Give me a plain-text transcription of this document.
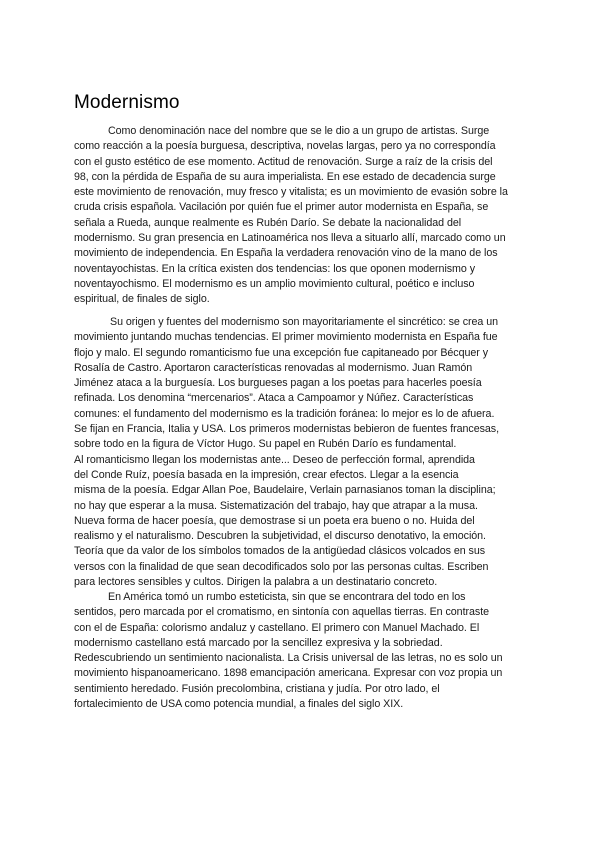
Modernismo
Como denominación nace del nombre que se le dio a un grupo de artistas. Surge
como reacción a la poesía burguesa, descriptiva, novelas largas, pero ya no correspondía
con el gusto estético de ese momento. Actitud de renovación. Surge a raíz de la crisis del
98, con la pérdida de España de su aura imperialista. En ese estado de decadencia surge
este movimiento de renovación, muy fresco y vitalista; es un movimiento de evasión sobre la
cruda crisis española. Vacilación por quién fue el primer autor modernista en España, se
señala a Rueda, aunque realmente es Rubén Darío. Se debate la nacionalidad del
modernismo. Su gran presencia en Latinoamérica nos lleva a situarlo allí, marcado como un
movimiento de independencia. En España la verdadera renovación vino de la mano de los
noventayochistas. En la crítica existen dos tendencias: los que oponen modernismo y
noventayochismo. El modernismo es un amplio movimiento cultural, poético e incluso
espiritual, de finales de siglo.
Su origen y fuentes del modernismo son mayoritariamente el sincrético: se crea un
movimiento juntando muchas tendencias. El primer movimiento modernista en España fue
flojo y malo. El segundo romanticismo fue una excepción fue capitaneado por Bécquer y
Rosalía de Castro. Aportaron características renovadas al modernismo. Juan Ramón
Jiménez ataca a la burguesía. Los burgueses pagan a los poetas para hacerles poesía
refinada. Los denomina “mercenarios”. Ataca a Campoamor y Núñez. Características
comunes: el fundamento del modernismo es la tradición foránea: lo mejor es lo de afuera.
Se fijan en Francia, Italia y USA. Los primeros modernistas bebieron de fuentes francesas,
sobre todo en la figura de Víctor Hugo. Su papel en Rubén Darío es fundamental.
Al romanticismo llegan los modernistas ante... Deseo de perfección formal, aprendida
del Conde Ruíz, poesía basada en la impresión, crear efectos. Llegar a la esencia
misma de la poesía. Edgar Allan Poe, Baudelaire, Verlain parnasianos toman la disciplina;
no hay que esperar a la musa. Sistematización del trabajo, hay que atrapar a la musa.
Nueva forma de hacer poesía, que demostrase si un poeta era bueno o no. Huida del
realismo y el naturalismo. Descubren la subjetividad, el discurso denotativo, la emoción.
Teoría que da valor de los símbolos tomados de la antigüedad clásicos volcados en sus
versos con la finalidad de que sean decodificados solo por las personas cultas. Escriben
para lectores sensibles y cultos. Dirigen la palabra a un destinatario concreto.
En América tomó un rumbo esteticista, sin que se encontrara del todo en los
sentidos, pero marcada por el cromatismo, en sintonía con aquellas tierras. En contraste
con el de España: colorismo andaluz y castellano. El primero con Manuel Machado. El
modernismo castellano está marcado por la sencillez expresiva y la sobriedad.
Redescubriendo un sentimiento nacionalista. La Crisis universal de las letras, no es solo un
movimiento hispanoamericano. 1898 emancipación americana. Expresar con voz propia un
sentimiento heredado. Fusión precolombina, cristiana y judía. Por otro lado, el
fortalecimiento de USA como potencia mundial, a finales del siglo XIX.
